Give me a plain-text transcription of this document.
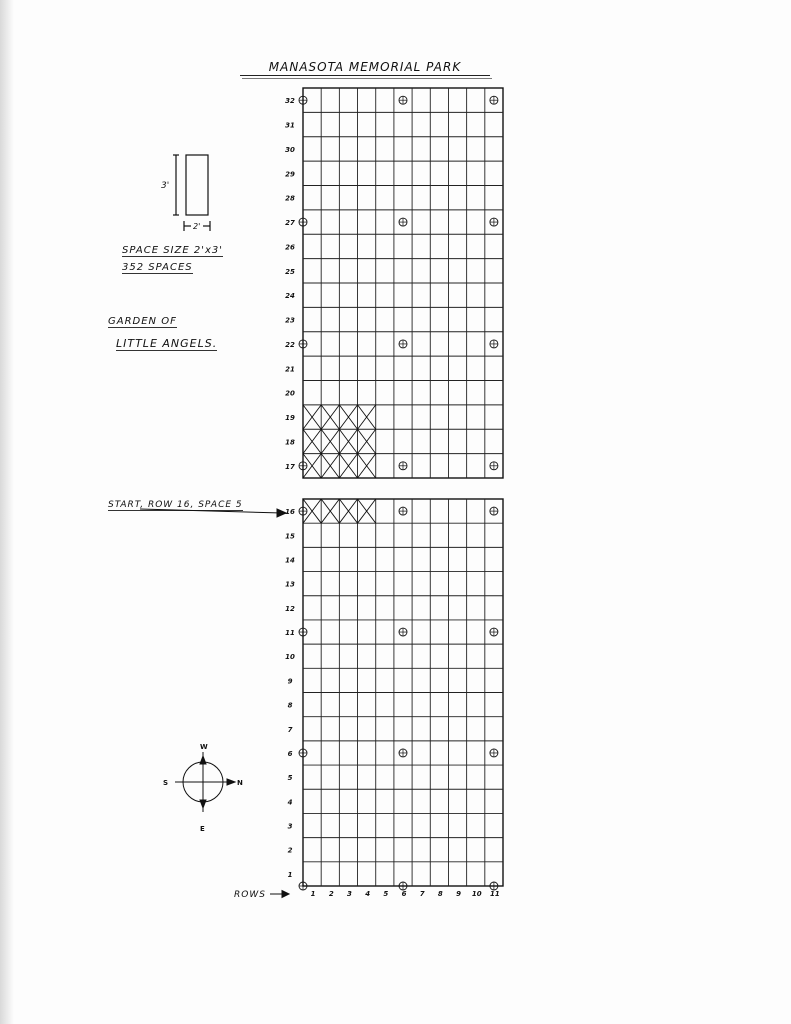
MANASOTA MEMORIAL PARK
SPACE SIZE 2'x3'
352 SPACES
GARDEN OF
LITTLE ANGELS.
START, ROW 16, SPACE 5
3'
2'
32
31
30
29
28
27
26
25
24
23
22
21
20
19
18
17
16
15
14
13
12
11
10
9
8
7
6
5
4
3
2
1
ROWS
W
E
S	N
1 2 3 4 5 6 7 8 9 10 11
